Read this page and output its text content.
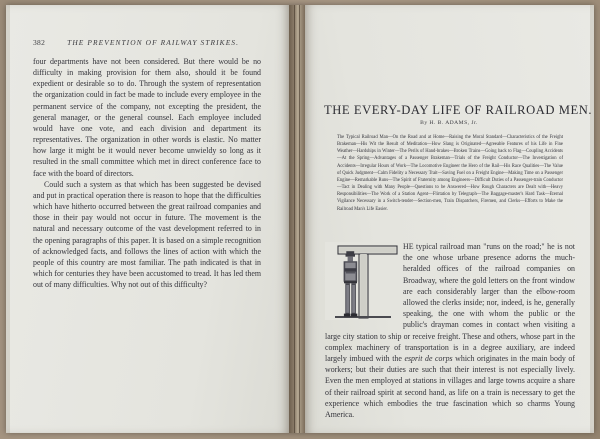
382	THE PREVENTION OF RAILWAY STRIKES.

four departments have not been considered. But there would be no difficulty in making provision for them also, should it be found expedient or desirable so to do. Through the system of representation the organization could in fact be made to include every employee in the permanent service of the company, not excepting the president, the general manager, or the general counsel. Each employee included would have one vote, and each division and department its representatives. The organization in other words is elastic. No matter how large it might be it would never become unwieldy so long as it resulted in the small committee which met in direct conference face to face with the board of directors.

Could such a system as that which has been suggested be devised and put in practical operation there is reason to hope that the difficulties which have hitherto occurred between the great railroad companies and those in their pay would not occur in future. The movement is the natural and necessary outcome of the vast development referred to in the opening paragraphs of this paper. It is based on a simple recognition of acknowledged facts, and follows the lines of action with which the people of this country are most familiar. The path indicated is that in which for centuries they have been accustomed to tread. It has led them out of many difficulties. Why not out of this difficulty?

THE EVERY-DAY LIFE OF RAILROAD MEN.
By H. B. ADAMS, Jr.
The Typical Railroad Man—On the Road and at Home—Raising the Moral Standard—Characteristics of the Freight Brakeman—His Wit the Result of Meditation—How Slang is Originated—Agreeable Features of his Life in Fine Weather—Hardships in Winter—The Perils of Hand-brakes—Broken Trains—Going back to Flag—Coupling Accidents—At the Spring—Advantages of a Passenger Brakeman—Trials of the Freight Conductor—The Investigation of Accidents—Irregular Hours of Work—The Locomotive Engineer the Hero of the Rail—His Race Qualities—The Value of Quick Judgment—Calm Fidelity a Necessary Trait—Saving Fuel on a Freight Engine—Making Time on a Passenger Engine—Remarkable Runs—The Spirit of Fraternity among Engineers—Difficult Duties of a Passenger-train Conductor—Tact in Dealing with Many People—Questions to be Answered—How Rough Characters are Dealt with—Heavy Responsibilities—The Work of a Station Agent—Flirtation by Telegraph—The Baggage-master's Hard Task—Eternal Vigilance Necessary in a Switch-tender—Section-men, Train Dispatchers, Firemen, and Clerks—Efforts to Make the Railroad Man's Life Easier.

HE typical railroad man "runs on the road;" he is not the one whose urbane presence adorns the much-heralded offices of the railroad companies on Broadway, where the gold letters on the front window are each considerably larger than the elbow-room allowed the clerks inside; nor, indeed, is he, generally speaking, the one with whom the public or the public's drayman comes in contact when visiting a large city station to ship or receive freight. These and others, whose part in the complex machinery of transportation is in a degree auxiliary, are indeed largely imbued with the esprit de corps which originates in the main body of workers; but their duties are such that their interest is not especially lively. Even the men employed at stations in villages and large towns acquire a share of their railroad spirit at second hand, as life on a train is necessary to get the experience which embodies the true fascination which so charms Young America.
